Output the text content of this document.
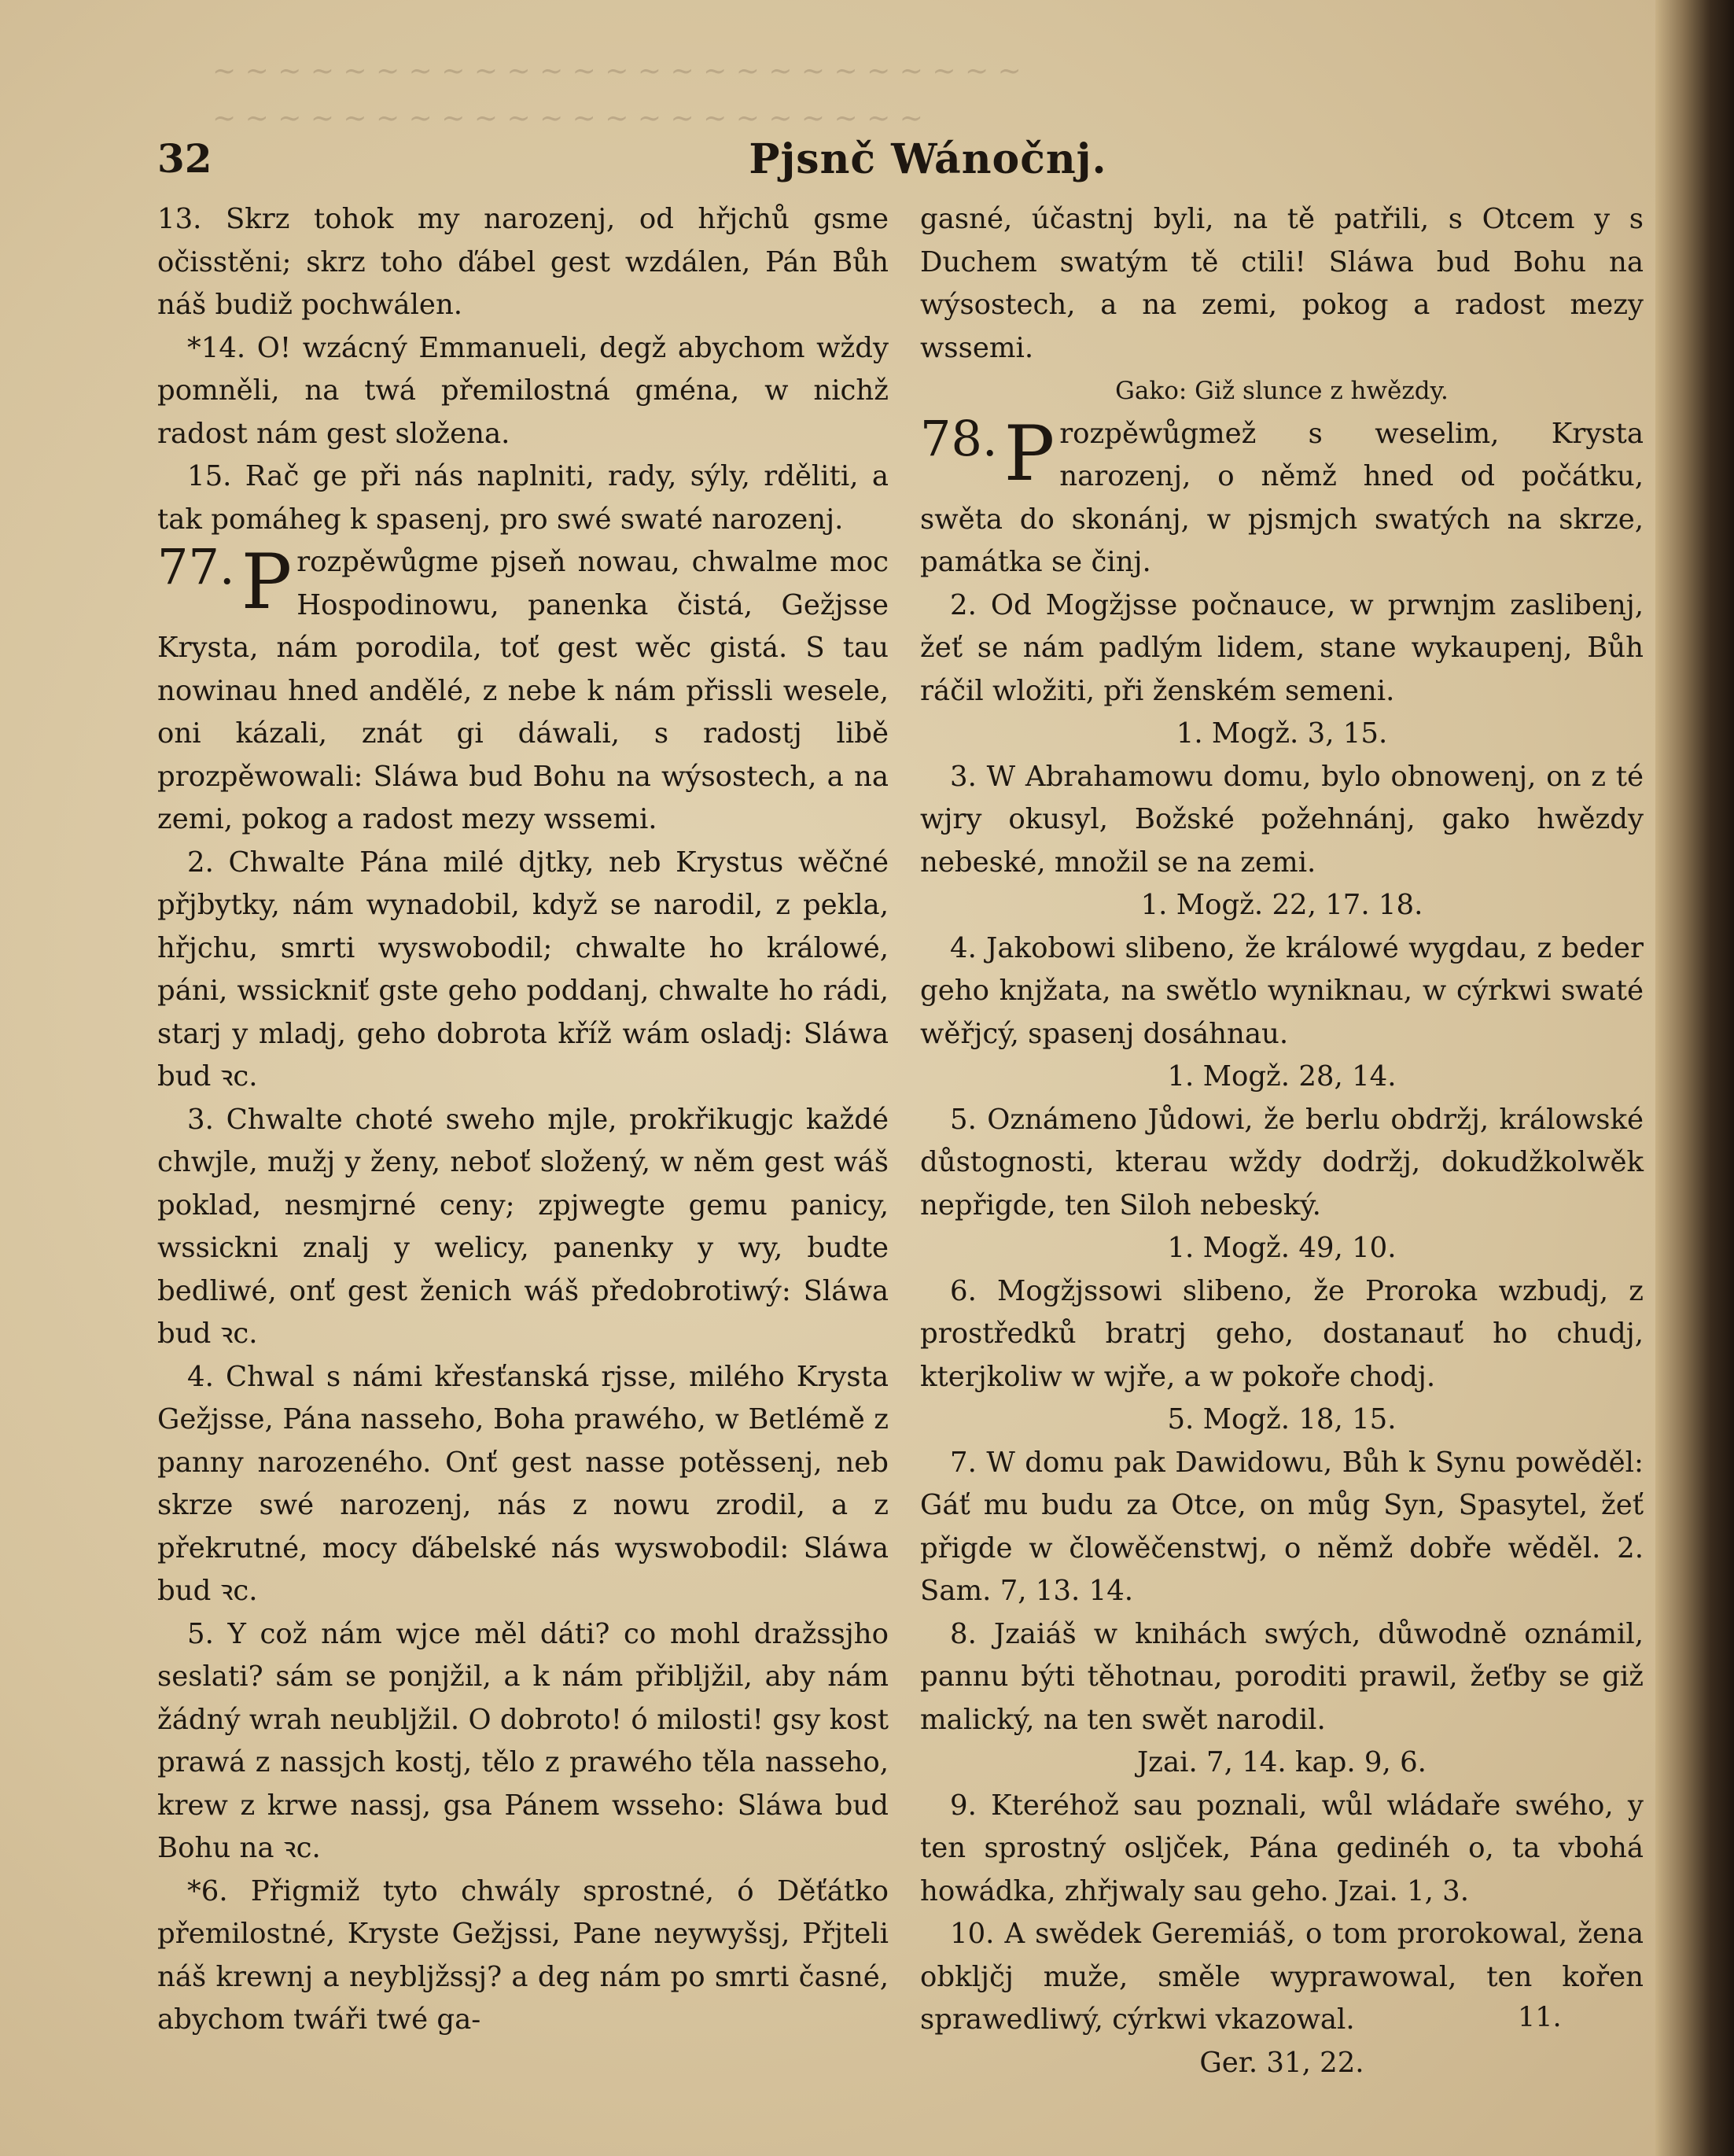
~ ~ ~ ~ ~ ~ ~ ~ ~ ~ ~ ~ ~ ~ ~ ~ ~ ~ ~ ~ ~ ~ ~ ~ ~
~ ~ ~ ~ ~ ~ ~ ~ ~ ~ ~ ~ ~ ~ ~ ~ ~ ~ ~ ~ ~ ~
32	Pjsnč Wánočnj.

13. Skrz tohok my narozenj, od hřjchů gsme očisstěni; skrz toho ďábel gest wzdálen, Pán Bůh náš budiž pochwálen.

*14. O! wzácný Emmanueli, degž abychom wždy pomněli, na twá přemilostná gména, w nichž radost nám gest složena.

15. Rač ge při nás naplniti, rady, sýly, rděliti, a tak pomáheg k spasenj, pro swé swaté narozenj.

77. P rozpěwůgme pjseň nowau, chwalme moc Hospodinowu, panenka čistá, Gežjsse Krysta, nám porodila, toť gest wěc gistá. S tau nowinau hned andělé, z nebe k nám přissli wesele, oni kázali, znát gi dáwali, s radostj libě prozpěwowali: Sláwa bud Bohu na wýsostech, a na zemi, pokog a radost mezy wssemi.

2. Chwalte Pána milé djtky, neb Krystus wěčné přjbytky, nám wynadobil, když se narodil, z pekla, hřjchu, smrti wyswobodil; chwalte ho králowé, páni, wssickniť gste geho poddanj, chwalte ho rádi, starj y mladj, geho dobrota kříž wám osladj: Sláwa bud ꝛc.

3. Chwalte choté sweho mjle, prokřikugjc každé chwjle, mužj y ženy, neboť složený, w něm gest wáš poklad, nesmjrné ceny; zpjwegte gemu panicy, wssickni znalj y welicy, panenky y wy, budte bedliwé, onť gest ženich wáš předobrotiwý: Sláwa bud ꝛc.

4. Chwal s námi křesťanská rjsse, milého Krysta Gežjsse, Pána nasseho, Boha prawého, w Betlémě z panny narozeného. Onť gest nasse potěssenj, neb skrze swé narozenj, nás z nowu zrodil, a z překrutné, mocy ďábelské nás wyswobodil: Sláwa bud ꝛc.

5. Y což nám wjce měl dáti? co mohl dražssjho seslati? sám se ponjžil, a k nám přibljžil, aby nám žádný wrah neublјžil. O dobroto! ó milosti! gsy kost prawá z nassjch kostj, tělo z prawého těla nasseho, krew z krwe nassj, gsa Pánem wsseho: Sláwa bud Bohu na ꝛc.

*6. Přigmiž tyto chwály sprostné, ó Děťátko přemilostné, Kryste Gežjssi, Pane neywyšsj, Přjteli náš krewnj a neyblјžssj? a deg nám po smrti časné, abychom twáři twé ga-

gasné, účastnj byli, na tě patřili, s Otcem y s Duchem swatým tě ctili! Sláwa bud Bohu na wýsostech, a na zemi, pokog a radost mezy wssemi.

Gako: Giž slunce z hwězdy.

78. P rozpěwůgmež s weselim, Krysta narozenj, o němž hned od počátku, swěta do skonánj, w pjsmjch swatých na skrze, památka se činj.

2. Od Mogžjsse počnauce, w prwnjm zaslibenj, žeť se nám padlým lidem, stane wykaupenj, Bůh ráčil wložiti, při ženském semeni.

1. Mogž. 3, 15.

3. W Abrahamowu domu, bylo obnowenj, on z té wjry okusyl, Božské požehnánj, gako hwězdy nebeské, množil se na zemi.

1. Mogž. 22, 17. 18.

4. Jakobowi slibeno, že králowé wygdau, z beder geho knjžata, na swětlo wyniknau, w cýrkwi swaté wěřjcý, spasenj dosáhnau.

1. Mogž. 28, 14.

5. Oznámeno Jůdowi, že berlu obdržj, králowské důstognosti, kterau wždy dodržj, dokudžkolwěk nepřigde, ten Siloh nebeský.

1. Mogž. 49, 10.

6. Mogžjssowi slibeno, že Proroka wzbudj, z prostředků bratrj geho, dostanauť ho chudj, kterjkoliw w wjře, a w pokoře chodj.

5. Mogž. 18, 15.

7. W domu pak Dawidowu, Bůh k Synu powěděl: Gáť mu budu za Otce, on můg Syn, Spasytel, žeť přigde w člowěčenstwj, o němž dobře wěděl. 2. Sam. 7, 13. 14.

8. Jzaiáš w knihách swých, důwodně oznámil, pannu býti těhotnau, poroditi prawil, žeťby se giž malický, na ten swět narodil.

Jzai. 7, 14. kap. 9, 6.

9. Kteréhož sau poznali, wůl wládaře swého, y ten sprostný oslјček, Pána gedinéh o, ta vbohá howádka, zhřjwaly sau geho. Jzai. 1, 3.

10. A swědek Geremiáš, o tom prorokowal, žena obklјčj muže, směle wyprawowal, ten kořen sprawedliwý, cýrkwi vkazowal.

Ger. 31, 22.

11.
